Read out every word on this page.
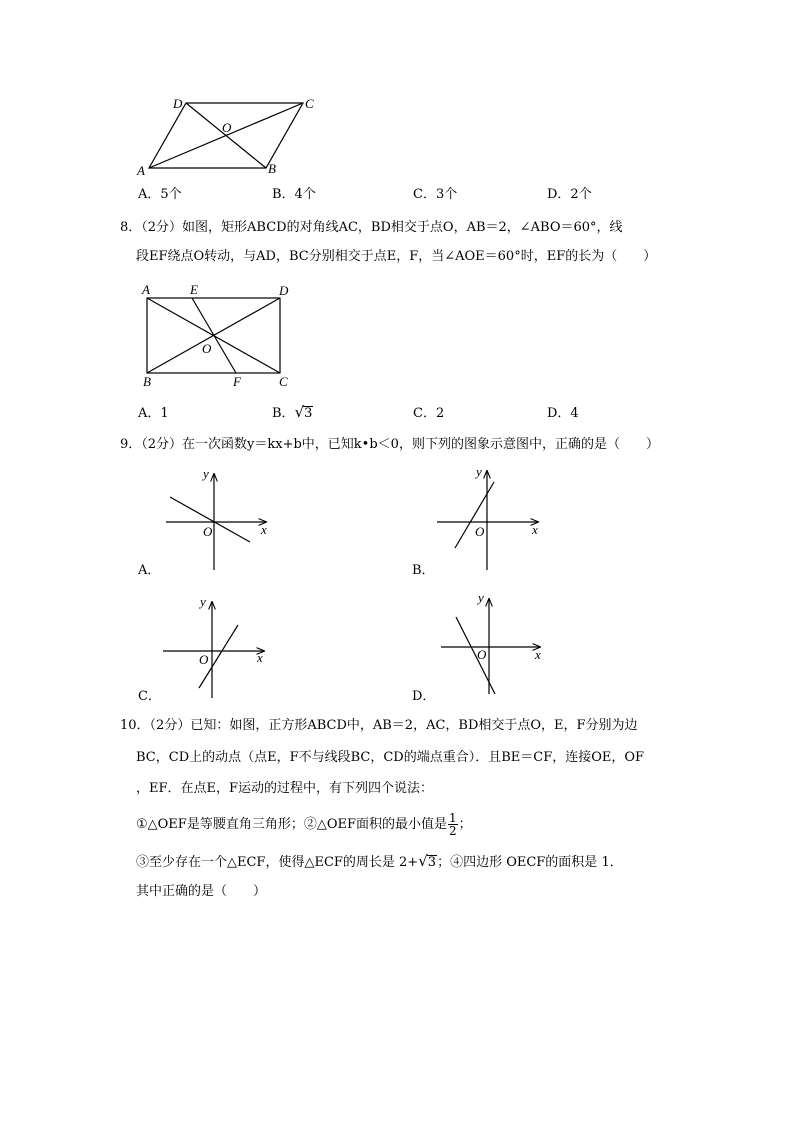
D	C
O
A	B
A．5个	B．4个	C．3个	D．2个
8．（2分）如图，矩形ABCD的对角线AC，BD相交于点O，AB＝2，∠ABO＝60°，线
段EF绕点O转动，与AD，BC分别相交于点E，F，当∠AOE＝60°时，EF的长为（　　）
A	E	D
O
B	F	C
A．1	B．√3	C．2	D．4
9．（2分）在一次函数y＝kx+b中，已知k•b＜0，则下列的图象示意图中，正确的是（　　）
y
x
O
y
x
O
y
x
O
y
x
O
A．	B．
C．	D．
10．（2分）已知：如图，正方形ABCD中，AB＝2，AC，BD相交于点O，E，F分别为边
BC，CD上的动点（点E，F不与线段BC，CD的端点重合）．且BE＝CF，连接OE，OF
，EF．在点E，F运动的过程中，有下列四个说法：
①△OEF是等腰直角三角形；②△OEF面积的最小值是 $\frac{1}{2}$ ；
③至少存在一个△ECF，使得△ECF的周长是 2+√3；④四边形 OECF的面积是 1．
其中正确的是（　　）
